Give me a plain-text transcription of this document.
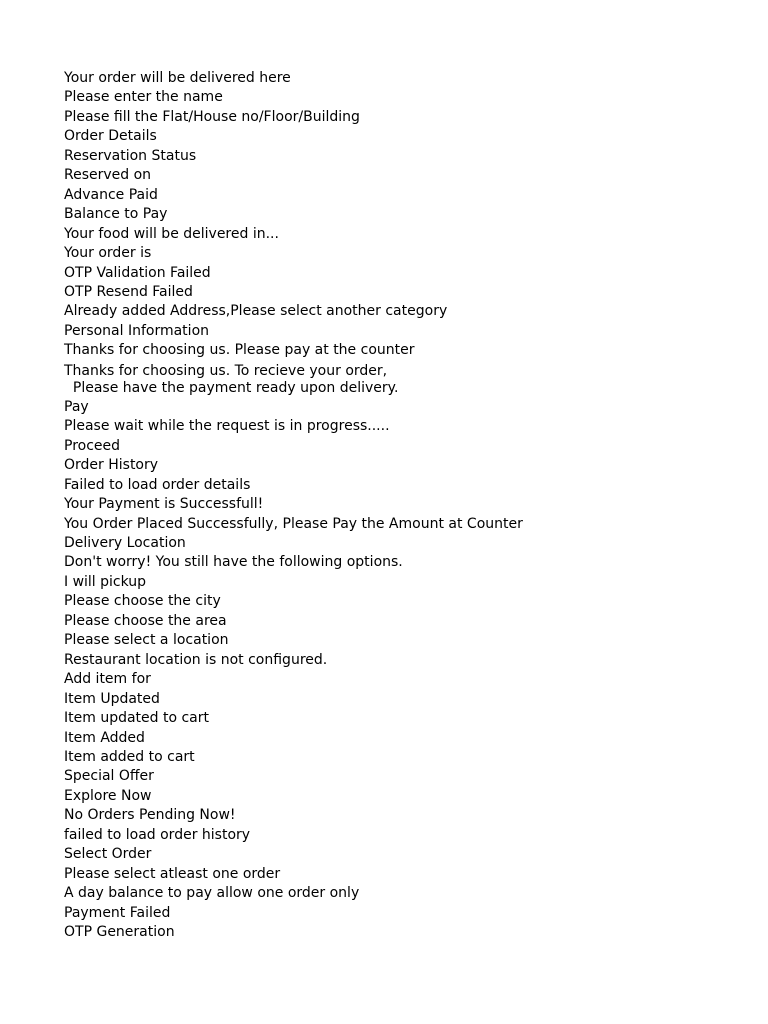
Your order will be delivered here
Please enter the name
Please fill the Flat/House no/Floor/Building
Order Details
Reservation Status
Reserved on
Advance Paid
Balance to Pay
Your food will be delivered in...
Your order is
OTP Validation Failed
OTP Resend Failed
Already added Address,Please select another category
Personal Information
Thanks for choosing us. Please pay at the counter
Thanks for choosing us. To recieve your order,
Please have the payment ready upon delivery.
Pay
Please wait while the request is in progress.....
Proceed
Order History
Failed to load order details
Your Payment is Successfull!
You Order Placed Successfully, Please Pay the Amount at Counter
Delivery Location
Don't worry! You still have the following options.
I will pickup
Please choose the city
Please choose the area
Please select a location
Restaurant location is not configured.
Add item for
Item Updated
Item updated to cart
Item Added
Item added to cart
Special Offer
Explore Now
No Orders Pending Now!
failed to load order history
Select Order
Please select atleast one order
A day balance to pay allow one order only
Payment Failed
OTP Generation
